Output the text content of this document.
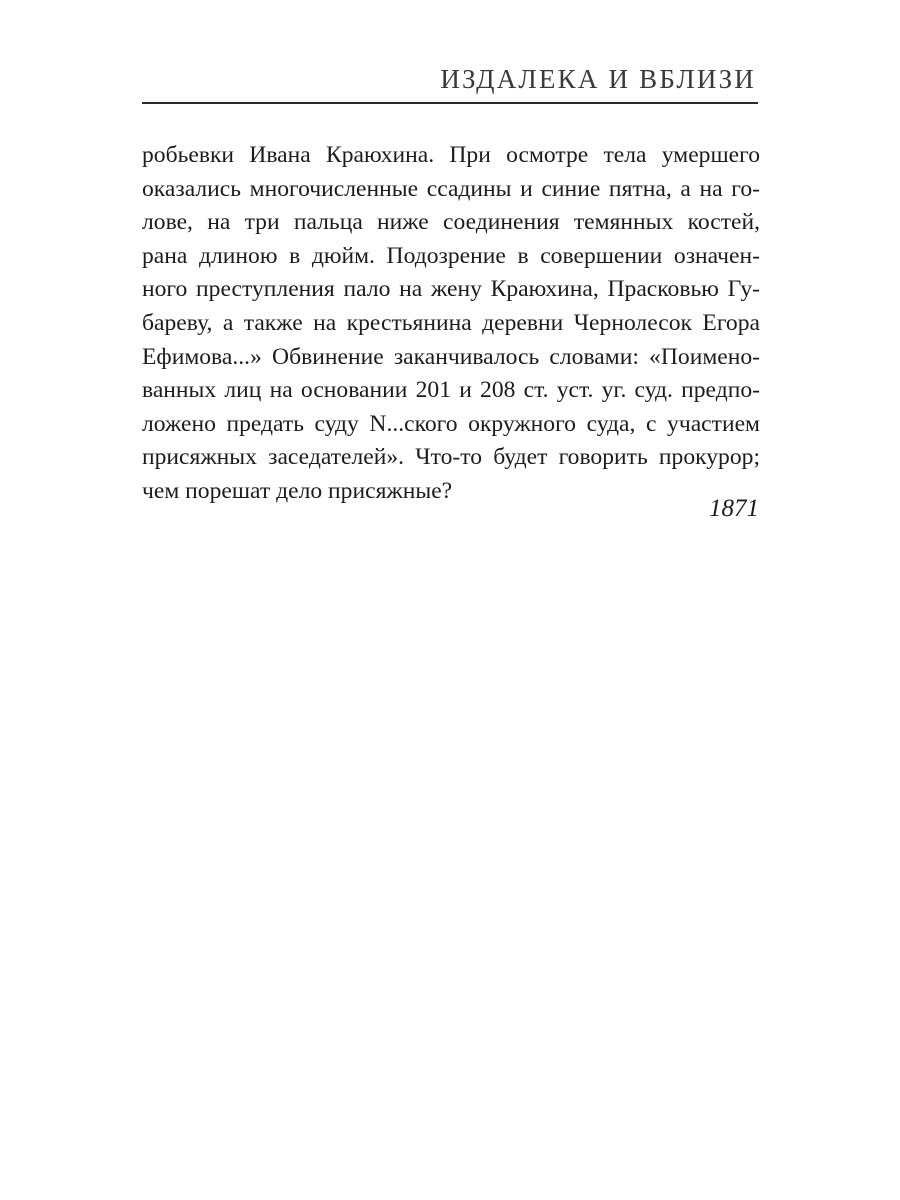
ИЗДАЛЕКА И ВБЛИЗИ
робьевки Ивана Краюхина. При осмотре тела умершего
оказались многочисленные ссадины и синие пятна, а на го-
лове, на три пальца ниже соединения темянных костей,
рана длиною в дюйм. Подозрение в совершении означен-
ного преступления пало на жену Краюхина, Прасковью Гу-
бареву, а также на крестьянина деревни Чернолесок Егора
Ефимова...» Обвинение заканчивалось словами: «Поимено-
ванных лиц на основании 201 и 208 ст. уст. уг. суд. предпо-
ложено предать суду N...ского окружного суда, с участием
присяжных заседателей». Что-то будет говорить прокурор;
чем порешат дело присяжные?
1871
